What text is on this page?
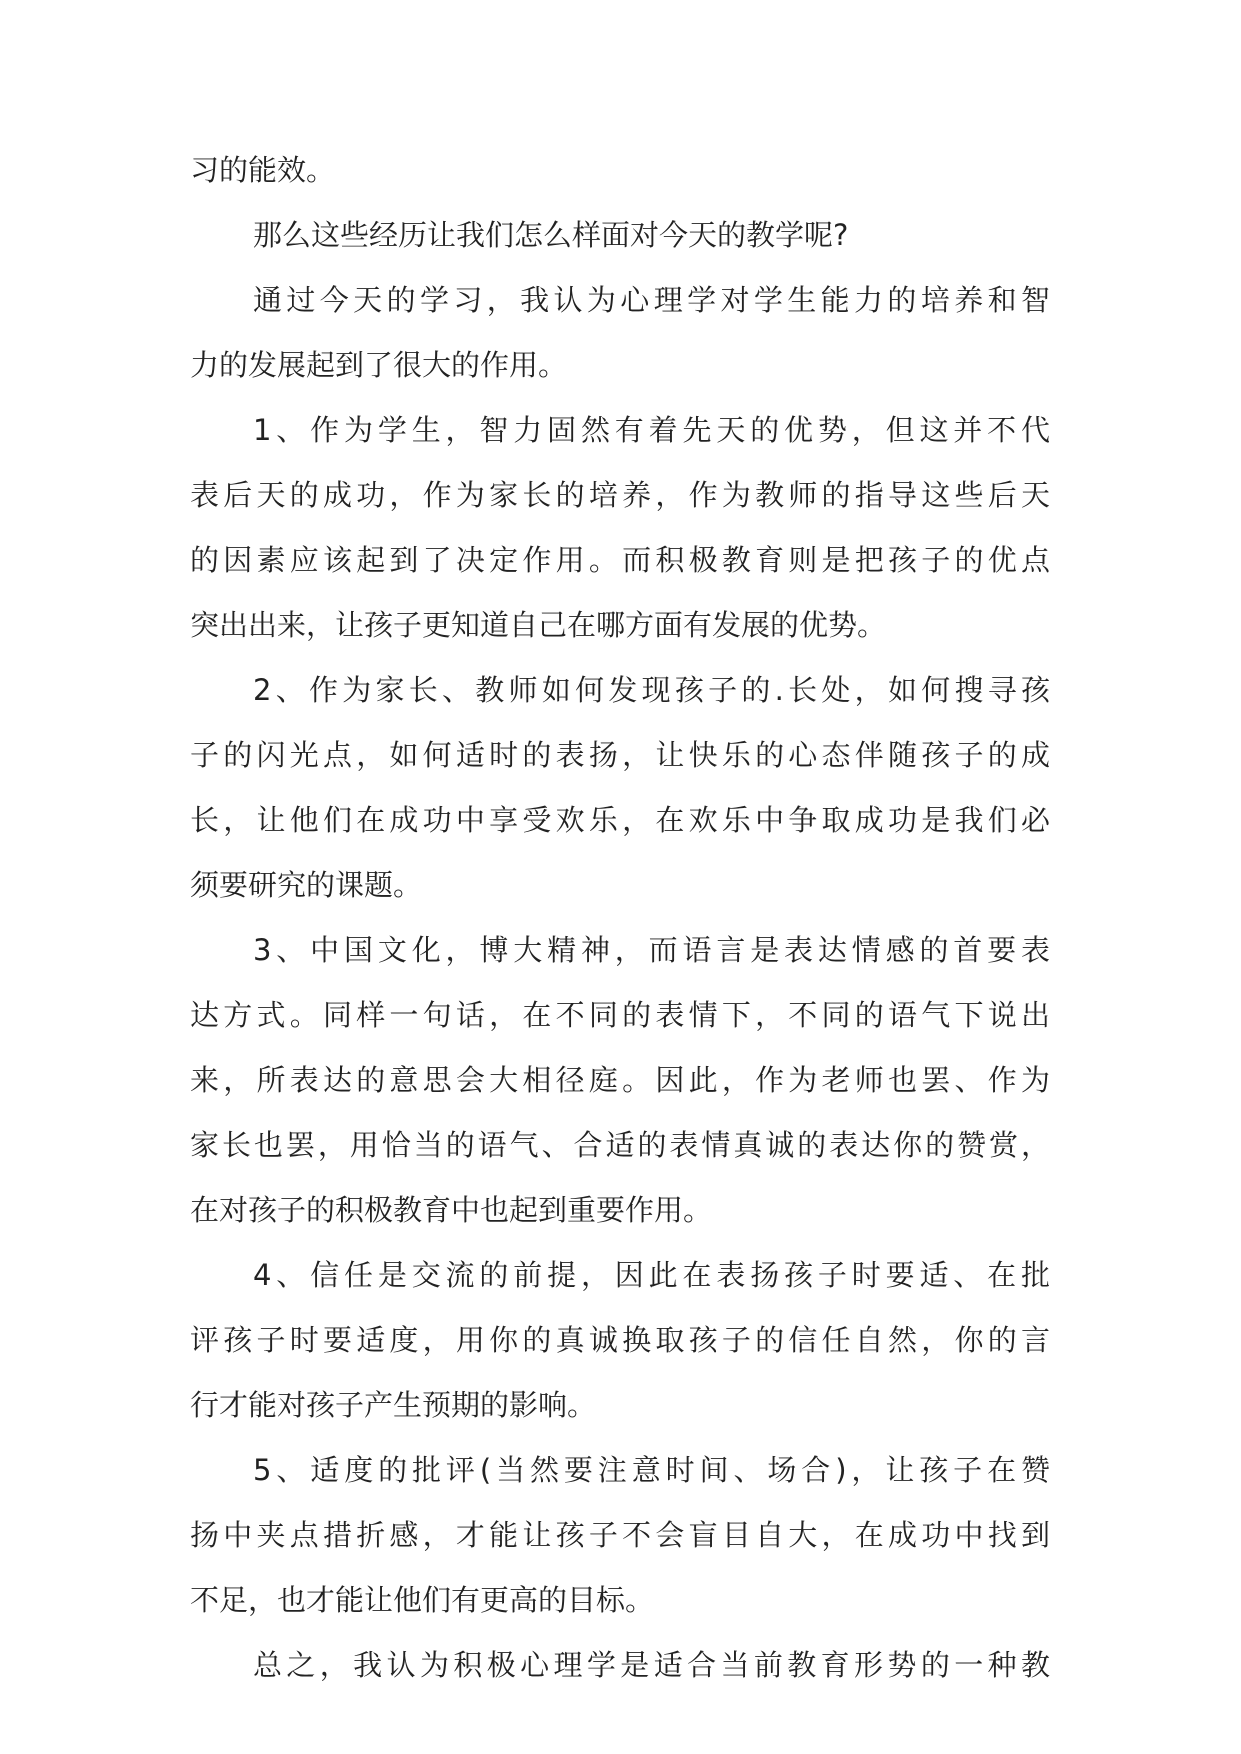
习的能效。
那么这些经历让我们怎么样面对今天的教学呢?
通过今天的学习，我认为心理学对学生能力的培养和智
力的发展起到了很大的作用。
1、作为学生，智力固然有着先天的优势，但这并不代
表后天的成功，作为家长的培养，作为教师的指导这些后天
的因素应该起到了决定作用。而积极教育则是把孩子的优点
突出出来，让孩子更知道自己在哪方面有发展的优势。
2、作为家长、教师如何发现孩子的.长处，如何搜寻孩
子的闪光点，如何适时的表扬，让快乐的心态伴随孩子的成
长，让他们在成功中享受欢乐，在欢乐中争取成功是我们必
须要研究的课题。
3、中国文化，博大精神，而语言是表达情感的首要表
达方式。同样一句话，在不同的表情下，不同的语气下说出
来，所表达的意思会大相径庭。因此，作为老师也罢、作为
家长也罢，用恰当的语气、合适的表情真诚的表达你的赞赏，
在对孩子的积极教育中也起到重要作用。
4、信任是交流的前提，因此在表扬孩子时要适、在批
评孩子时要适度，用你的真诚换取孩子的信任自然，你的言
行才能对孩子产生预期的影响。
5、适度的批评(当然要注意时间、场合)，让孩子在赞
扬中夹点措折感，才能让孩子不会盲目自大，在成功中找到
不足，也才能让他们有更高的目标。
总之，我认为积极心理学是适合当前教育形势的一种教
